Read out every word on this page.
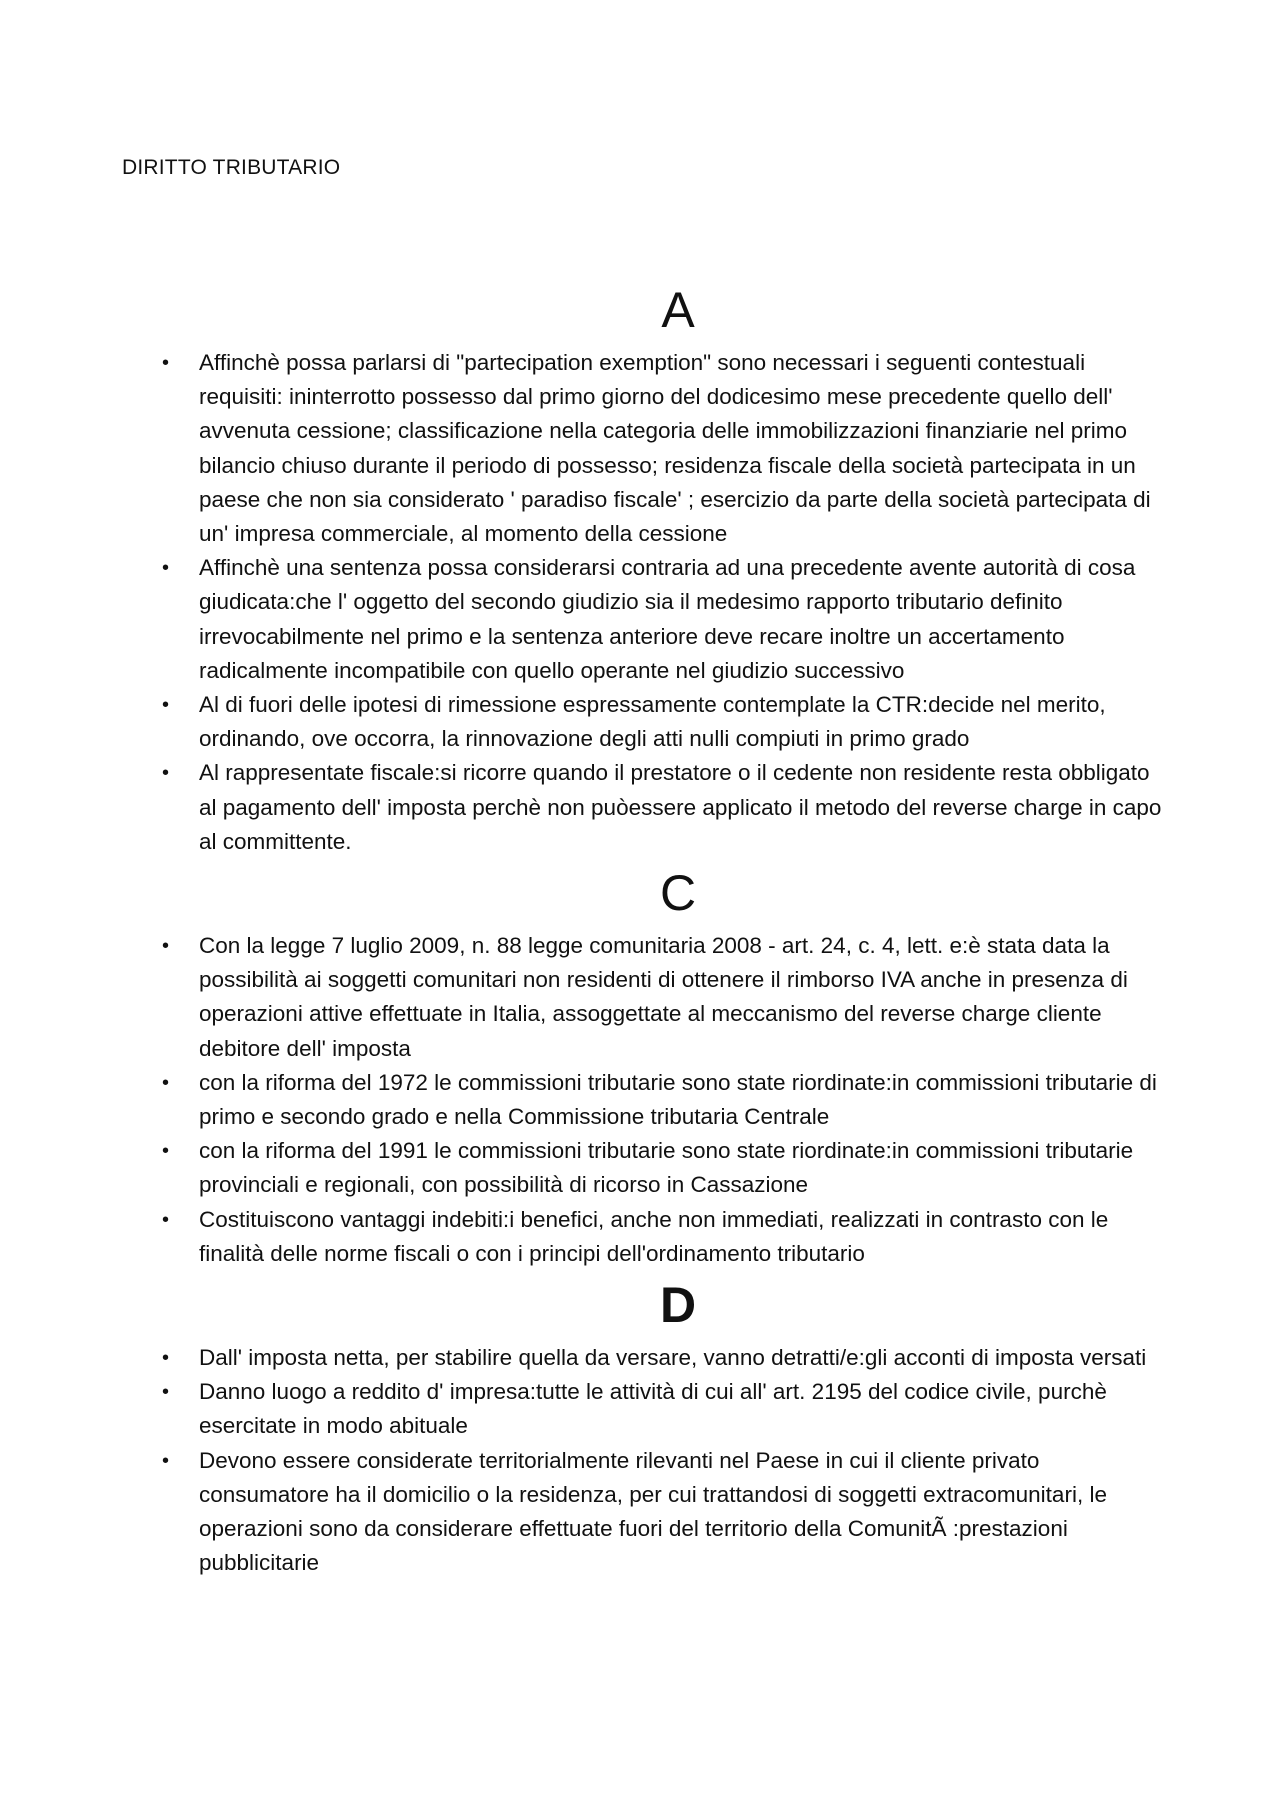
DIRITTO TRIBUTARIO
A
• Affinchè possa parlarsi di "partecipation exemption" sono necessari i seguenti contestuali requisiti: ininterrotto possesso dal primo giorno del dodicesimo mese precedente quello dell' avvenuta cessione; classificazione nella categoria delle immobilizzazioni finanziarie nel primo bilancio chiuso durante il periodo di possesso; residenza fiscale della società partecipata in un paese che non sia considerato ' paradiso fiscale' ; esercizio da parte della società partecipata di un' impresa commerciale, al momento della cessione
• Affinchè una sentenza possa considerarsi contraria ad una precedente avente autorità di cosa giudicata:che l' oggetto del secondo giudizio sia il medesimo rapporto tributario definito irrevocabilmente nel primo e la sentenza anteriore deve recare inoltre un accertamento radicalmente incompatibile con quello operante nel giudizio successivo
• Al di fuori delle ipotesi di rimessione espressamente contemplate la CTR:decide nel merito, ordinando, ove occorra, la rinnovazione degli atti nulli compiuti in primo grado
• Al rappresentate fiscale:si ricorre quando il prestatore o il cedente non residente resta obbligato al pagamento dell' imposta perchè non puòessere applicato il metodo del reverse charge in capo al committente.
C
• Con la legge 7 luglio 2009, n. 88 legge comunitaria 2008 - art. 24, c. 4, lett. e:è stata data la possibilità ai soggetti comunitari non residenti di ottenere il rimborso IVA anche in presenza di operazioni attive effettuate in Italia, assoggettate al meccanismo del reverse charge cliente debitore dell' imposta
• con la riforma del 1972 le commissioni tributarie sono state riordinate:in commissioni tributarie di primo e secondo grado e nella Commissione tributaria Centrale
• con la riforma del 1991 le commissioni tributarie sono state riordinate:in commissioni tributarie provinciali e regionali, con possibilità di ricorso in Cassazione
• Costituiscono vantaggi indebiti:i benefici, anche non immediati, realizzati in contrasto con le finalità delle norme fiscali o con i principi dell'ordinamento tributario
D
• Dall' imposta netta, per stabilire quella da versare, vanno detratti/e:gli acconti di imposta versati
• Danno luogo a reddito d' impresa:tutte le attività di cui all' art. 2195 del codice civile, purchè esercitate in modo abituale
• Devono essere considerate territorialmente rilevanti nel Paese in cui il cliente privato consumatore ha il domicilio o la residenza, per cui trattandosi di soggetti extracomunitari, le operazioni sono da considerare effettuate fuori del territorio della ComunitÃ :prestazioni pubblicitarie
